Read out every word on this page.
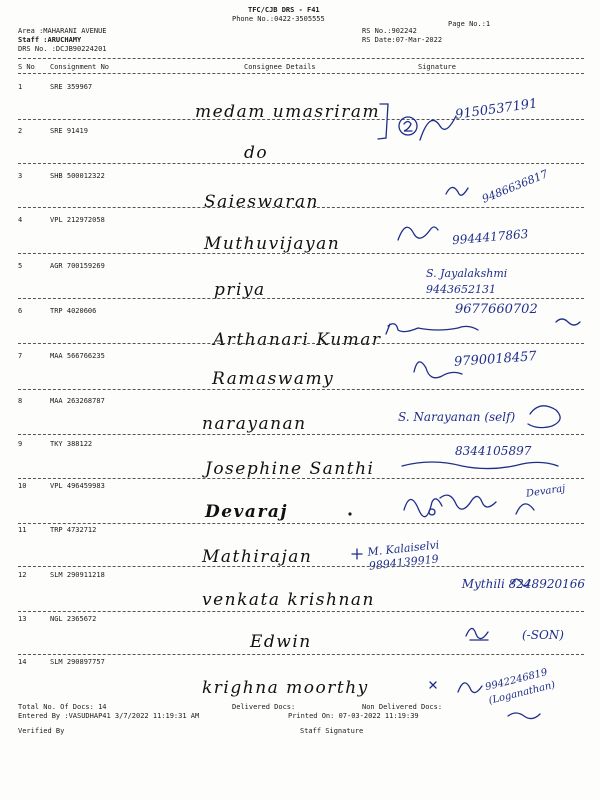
TFC/CJB DRS - F41
Phone No.:0422-3505555
Page No.:1
Area :MAHARANI AVENUE
Staff :ARUCHAMY
DRS No. :DCJB90224201
RS No.:902242
RS Date:07-Mar-2022
S No Consignment No	Consignee Details	Signature
1	SRE 359967
medam umasriram	9150537191
2	SRE 91419
do
3	SHB 500012322
Saieswaran	9486636817
4	VPL 212972058
Muthuvijayan	9944417863
5	AGR 700159269
priya
S. Jayalakshmi 9443652131
6	TRP 4020606
Arthanari Kumar
9677660702
7	MAA 566766235
Ramaswamy
9790018457
8	MAA 263268787
narayanan	S. Narayanan (self)
9	TKY 388122
Josephine Santhi
8344105897
10	VPL 496459983
Devaraj
Devaraj
11	TRP 4732712
Mathirajan	M. Kalaiselvi 9894139919
12	SLM 290911218
venkata krishnan
Mythili 8248920166
13	NGL 2365672
Edwin	(-SON)
14	SLM 290897757
krighna moorthy	9942246819 (Loganathan)
Total No. Of Docs: 14	Delivered Docs:	Non Delivered Docs:
Entered By :VASUDHAP41 3/7/2022 11:19:31 AM	Printed On: 07-03-2022 11:19:39
Verified By	Staff Signature
